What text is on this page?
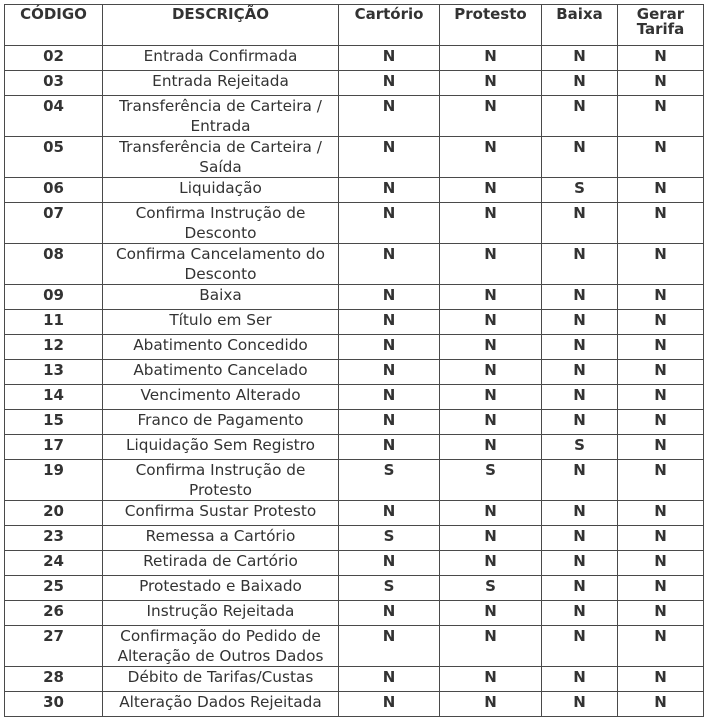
CÓDIGO	DESCRIÇÃO	Cartório	Protesto	Baixa	Gerar Tarifa
02	Entrada Confirmada	N	N	N	N
03	Entrada Rejeitada	N	N	N	N
04	Transferência de Carteira / Entrada	N	N	N	N
05	Transferência de Carteira / Saída	N	N	N	N
06	Liquidação	N	N	S	N
07	Confirma Instrução de Desconto	N	N	N	N
08	Confirma Cancelamento do Desconto	N	N	N	N
09	Baixa	N	N	N	N
11	Título em Ser	N	N	N	N
12	Abatimento Concedido	N	N	N	N
13	Abatimento Cancelado	N	N	N	N
14	Vencimento Alterado	N	N	N	N
15	Franco de Pagamento	N	N	N	N
17	Liquidação Sem Registro	N	N	S	N
19	Confirma Instrução de Protesto	S	S	N	N
20	Confirma Sustar Protesto	N	N	N	N
23	Remessa a Cartório	S	N	N	N
24	Retirada de Cartório	N	N	N	N
25	Protestado e Baixado	S	S	N	N
26	Instrução Rejeitada	N	N	N	N
27	Confirmação do Pedido de Alteração de Outros Dados	N	N	N	N
28	Débito de Tarifas/Custas	N	N	N	N
30	Alteração Dados Rejeitada	N	N	N	N
